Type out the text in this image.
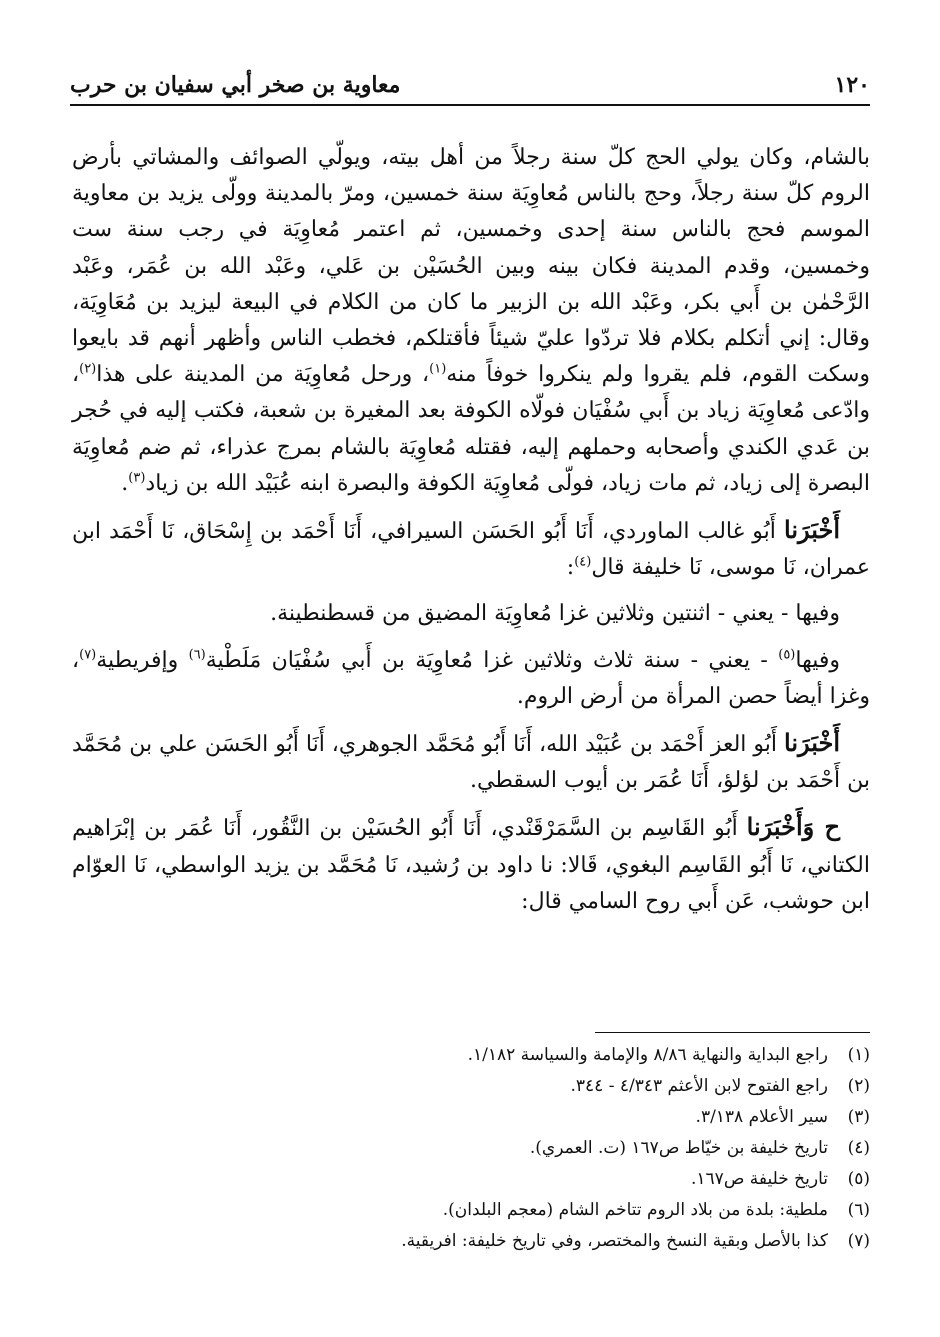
١٢٠
معاوية بن صخر أبي سفيان بن حرب

بالشام، وكان يولي الحج كلّ سنة رجلاً من أهل بيته، ويولّي الصوائف والمشاتي بأرض الروم كلّ سنة رجلاً، وحج بالناس مُعاوِيَة سنة خمسين، ومرّ بالمدينة وولّى يزيد بن معاوية الموسم فحج بالناس سنة إحدى وخمسين، ثم اعتمر مُعاوِيَة في رجب سنة ست وخمسين، وقدم المدينة فكان بينه وبين الحُسَيْن بن عَلي، وعَبْد الله بن عُمَر، وعَبْد الرَّحْمٰن بن أَبي بكر، وعَبْد الله بن الزبير ما كان من الكلام في البيعة ليزيد بن مُعَاوِيَة، وقال: إني أتكلم بكلام فلا تردّوا عليّ شيئاً فأقتلكم، فخطب الناس وأظهر أنهم قد بايعوا وسكت القوم، فلم يقروا ولم ينكروا خوفاً منه$^{(١)}$، ورحل مُعاوِيَة من المدينة على هذا$^{(٢)}$، وادّعى مُعاوِيَة زياد بن أَبي سُفْيَان فولّاه الكوفة بعد المغيرة بن شعبة، فكتب إليه في حُجر بن عَدي الكندي وأصحابه وحملهم إليه، فقتله مُعاوِيَة بالشام بمرج عذراء، ثم ضم مُعاوِيَة البصرة إلى زياد، ثم مات زياد، فولّى مُعاوِيَة الكوفة والبصرة ابنه عُبَيْد الله بن زياد$^{(٣)}$.

أَخْبَرَنا أَبُو غالب الماوردي، أَنَا أَبُو الحَسَن السيرافي، أَنَا أَحْمَد بن إِسْحَاق، نَا أَحْمَد ابن عمران، نَا موسى، نَا خليفة قال$^{(٤)}$:

وفيها - يعني - اثنتين وثلاثين غزا مُعاوِيَة المضيق من قسطنطينة.

وفيها$^{(٥)}$ - يعني - سنة ثلاث وثلاثين غزا مُعاوِيَة بن أَبي سُفْيَان مَلَطْية$^{(٦)}$ وإفريطية$^{(٧)}$، وغزا أيضاً حصن المرأة من أرض الروم.

أَخْبَرَنا أَبُو العز أَحْمَد بن عُبَيْد الله، أَنَا أَبُو مُحَمَّد الجوهري، أَنَا أَبُو الحَسَن علي بن مُحَمَّد بن أَحْمَد بن لؤلؤ، أَنَا عُمَر بن أيوب السقطي.

ح وَأَخْبَرَنا أَبُو القَاسِم بن السَّمَرْقَنْدي، أَنَا أَبُو الحُسَيْن بن النَّقُور، أَنَا عُمَر بن إبْرَاهيم الكتاني، نَا أَبُو القَاسِم البغوي، قَالا: نا داود بن رُشيد، نَا مُحَمَّد بن يزيد الواسطي، نَا العوّام ابن حوشب، عَن أَبي روح السامي قال:

(١)
راجع البداية والنهاية ٨/٨٦ والإمامة والسياسة ١/١٨٢.
(٢)
راجع الفتوح لابن الأعثم ٤/٣٤٣ - ٣٤٤.
(٣)
سير الأعلام ٣/١٣٨.
(٤)
تاريخ خليفة بن خيّاط ص١٦٧ (ت. العمري).
(٥)
تاريخ خليفة ص١٦٧.
(٦)
ملطية: بلدة من بلاد الروم تتاخم الشام (معجم البلدان).
(٧)
كذا بالأصل وبقية النسخ والمختصر، وفي تاريخ خليفة: افريقية.
